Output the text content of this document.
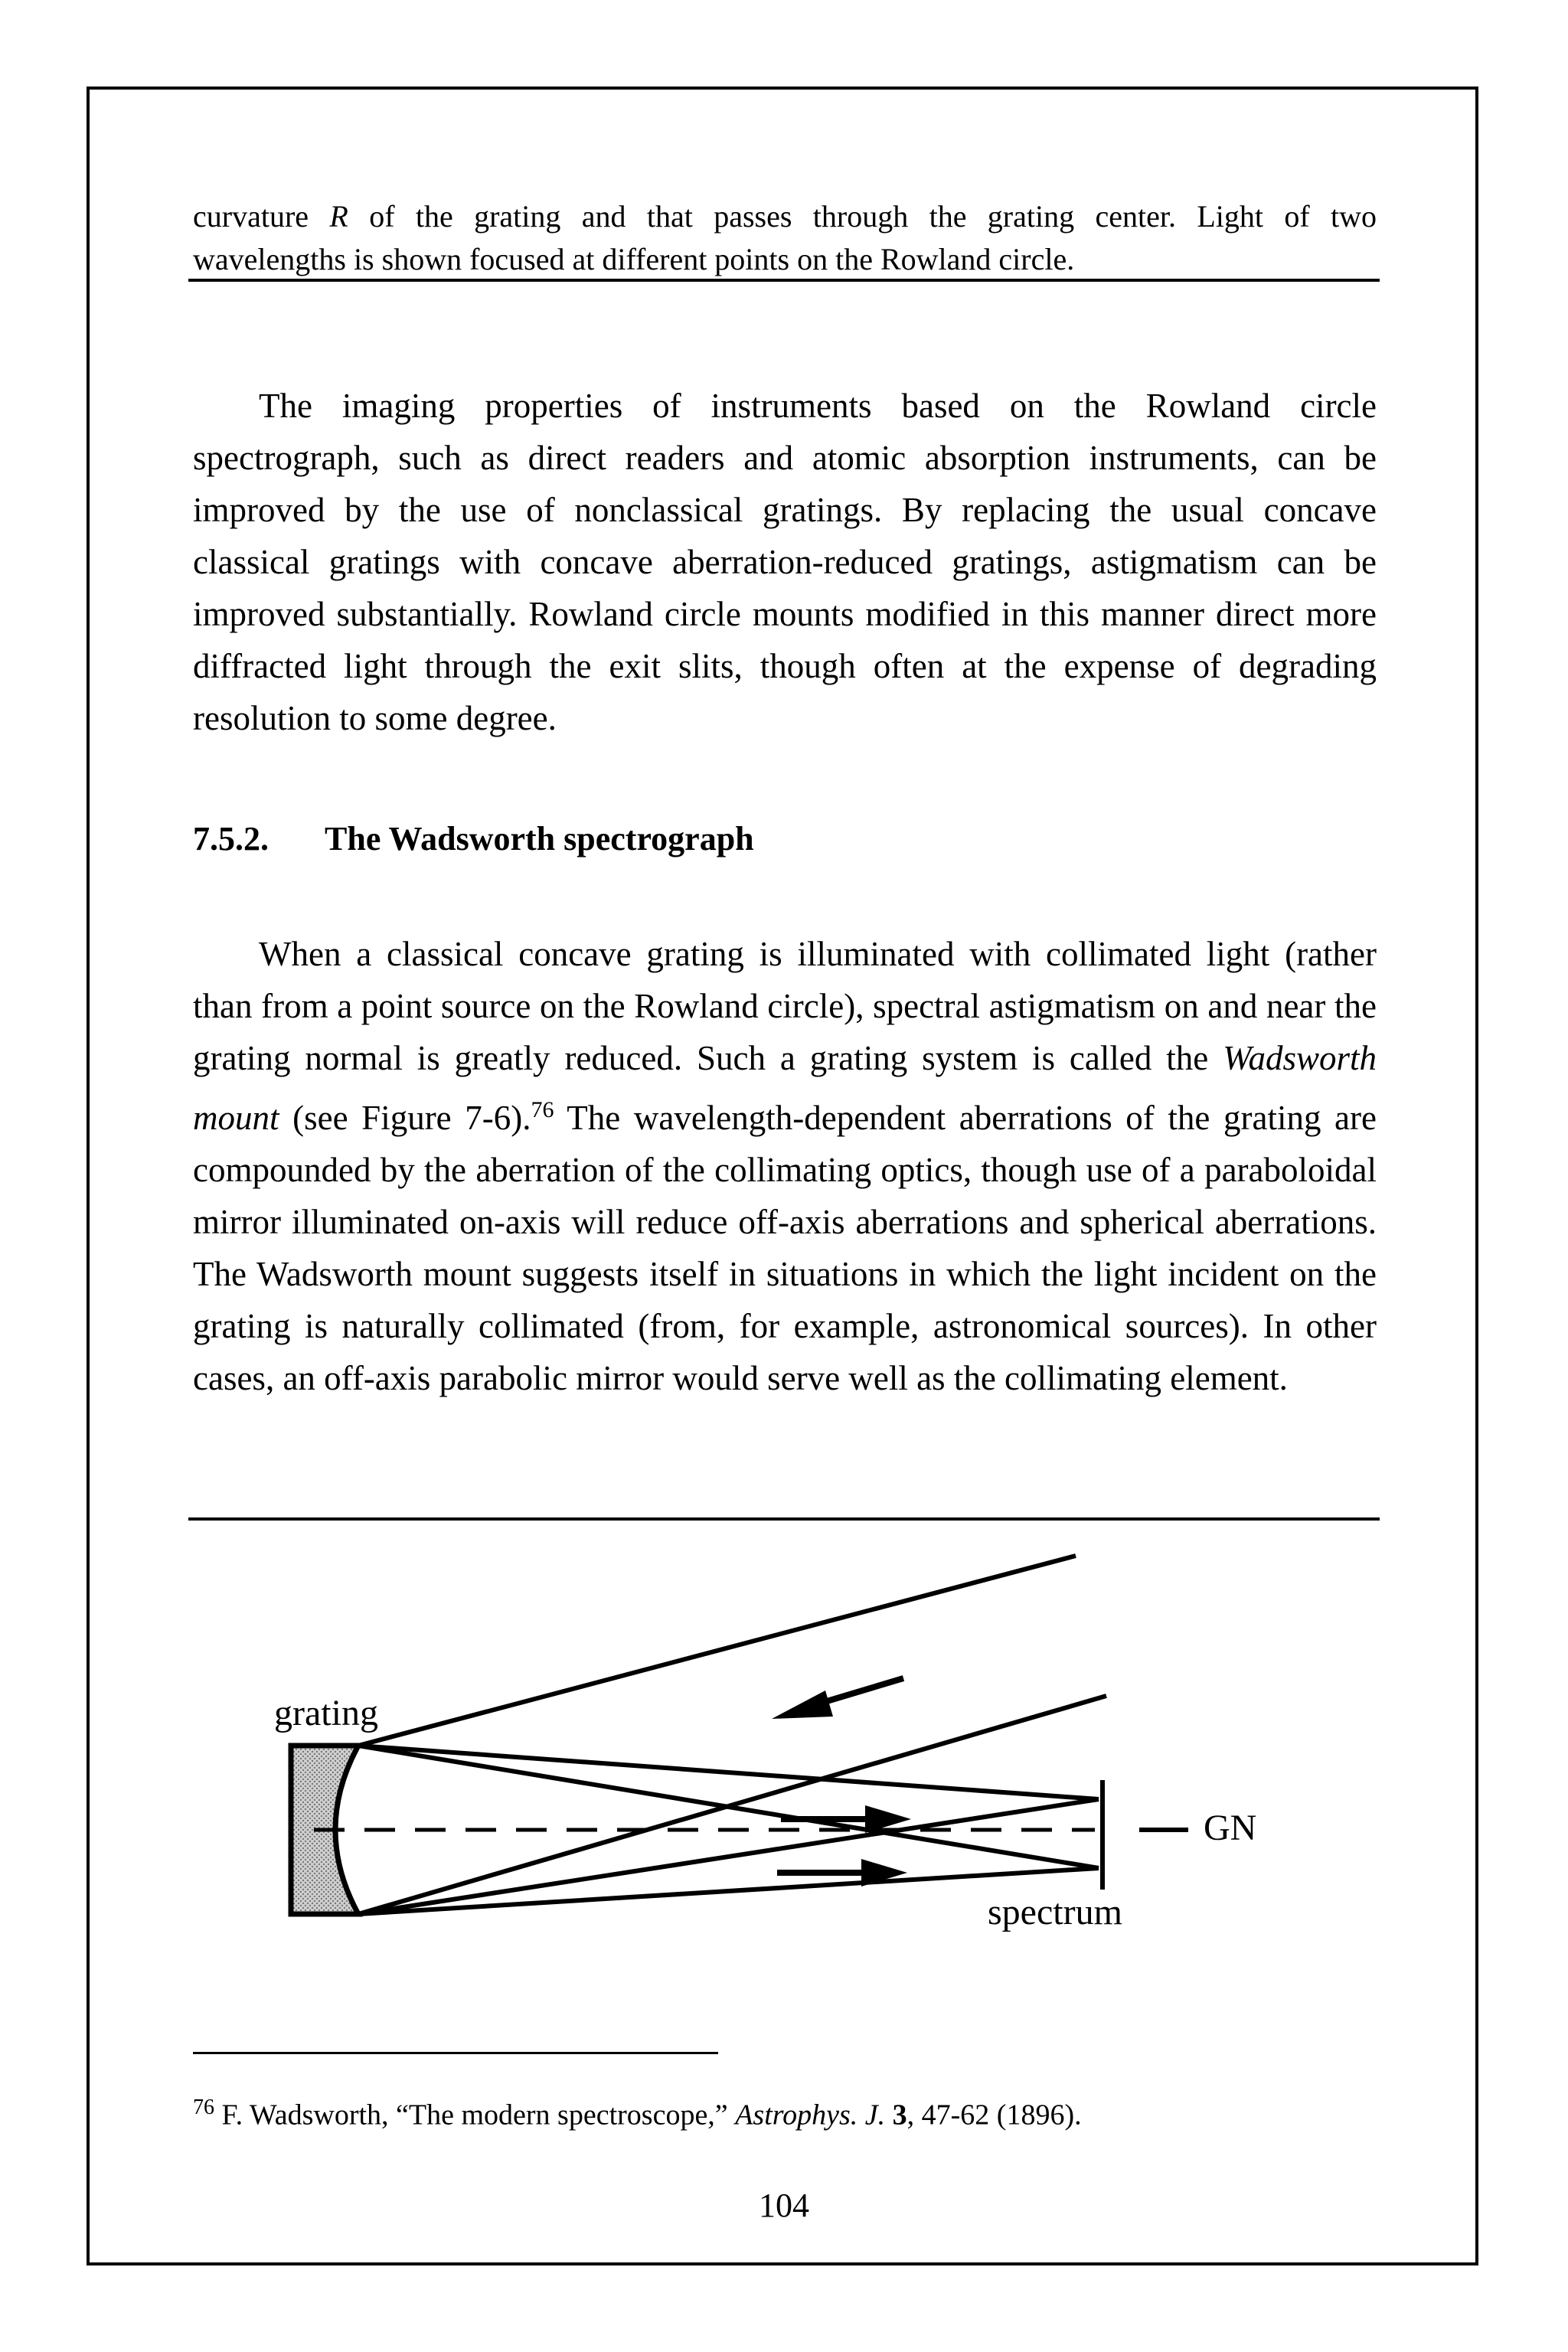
curvature R of the grating and that passes through the grating center. Light of two
wavelengths is shown focused at different points on the Rowland circle.

The imaging properties of instruments based on the Rowland circle spectrograph, such as direct readers and atomic absorption instruments, can be improved by the use of nonclassical gratings. By replacing the usual concave classical gratings with concave aberration-reduced gratings, astigmatism can be improved substantially. Rowland circle mounts modified in this manner direct more diffracted light through the exit slits, though often at the expense of degrading resolution to some degree.

7.5.2. The Wadsworth spectrograph

When a classical concave grating is illuminated with collimated light (rather than from a point source on the Rowland circle), spectral astigmatism on and near the grating normal is greatly reduced. Such a grating system is called the Wadsworth mount (see Figure 7-6).$^{76}$ The wavelength-dependent aberrations of the grating are compounded by the aberration of the collimating optics, though use of a paraboloidal mirror illuminated on-axis will reduce off-axis aberrations and spherical aberrations. The Wadsworth mount suggests itself in situations in which the light incident on the grating is naturally collimated (from, for example, astronomical sources). In other cases, an off-axis parabolic mirror would serve well as the collimating element.

grating
GN
spectrum
$^{76}$ F. Wadsworth, “The modern spectroscope,” Astrophys. J. 3, 47-62 (1896).
104
